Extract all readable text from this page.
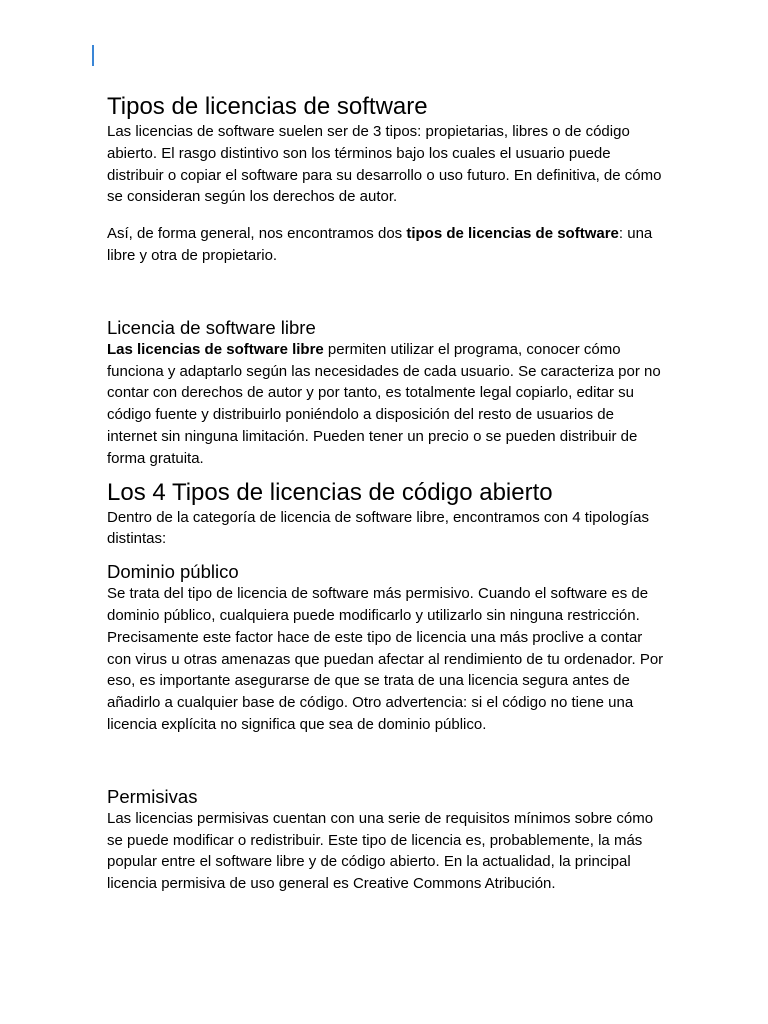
Tipos de licencias de software

Las licencias de software suelen ser de 3 tipos: propietarias, libres o de código abierto. El rasgo distintivo son los términos bajo los cuales el usuario puede distribuir o copiar el software para su desarrollo o uso futuro. En definitiva, de cómo se consideran según los derechos de autor.

Así, de forma general, nos encontramos dos tipos de licencias de software: una libre y otra de propietario.

Licencia de software libre

Las licencias de software libre permiten utilizar el programa, conocer cómo funciona y adaptarlo según las necesidades de cada usuario. Se caracteriza por no contar con derechos de autor y por tanto, es totalmente legal copiarlo, editar su código fuente y distribuirlo poniéndolo a disposición del resto de usuarios de internet sin ninguna limitación. Pueden tener un precio o se pueden distribuir de forma gratuita.

Los 4 Tipos de licencias de código abierto

Dentro de la categoría de licencia de software libre, encontramos con 4 tipologías distintas:

Dominio público

Se trata del tipo de licencia de software más permisivo. Cuando el software es de dominio público, cualquiera puede modificarlo y utilizarlo sin ninguna restricción. Precisamente este factor hace de este tipo de licencia una más proclive a contar con virus u otras amenazas que puedan afectar al rendimiento de tu ordenador. Por eso, es importante asegurarse de que se trata de una licencia segura antes de añadirlo a cualquier base de código. Otro advertencia: si el código no tiene una licencia explícita no significa que sea de dominio público.

Permisivas

Las licencias permisivas cuentan con una serie de requisitos mínimos sobre cómo se puede modificar o redistribuir. Este tipo de licencia es, probablemente, la más popular entre el software libre y de código abierto. En la actualidad, la principal licencia permisiva de uso general es Creative Commons Atribución.
